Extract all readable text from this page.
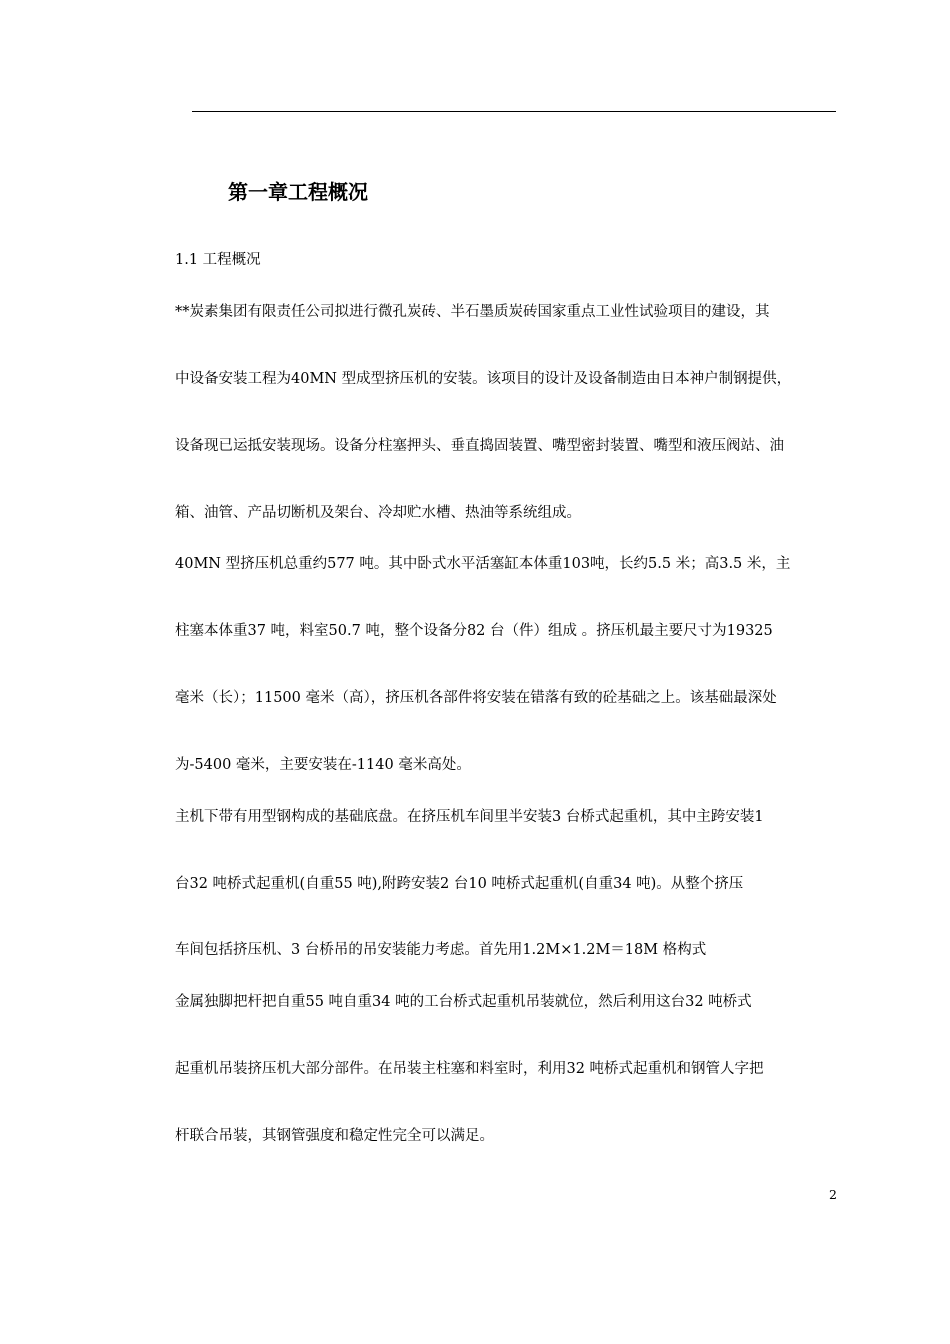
第一章工程概况

1.1 工程概况

**炭素集团有限责任公司拟进行微孔炭砖、半石墨质炭砖国家重点工业性试验项目的建设，其

中设备安装工程为40MN 型成型挤压机的安装。该项目的设计及设备制造由日本神户制钢提供，

设备现已运抵安装现场。设备分柱塞押头、垂直捣固装置、嘴型密封装置、嘴型和液压阀站、油

箱、油管、产品切断机及架台、冷却贮水槽、热油等系统组成。

40MN 型挤压机总重约577 吨。其中卧式水平活塞缸本体重103吨，长约5.5 米；高3.5 米，主

柱塞本体重37 吨，料室50.7 吨，整个设备分82 台（件）组成 。挤压机最主要尺寸为19325

毫米（长）；11500 毫米（高），挤压机各部件将安装在错落有致的砼基础之上。该基础最深处

为-5400 毫米，主要安装在-1140 毫米高处。

主机下带有用型钢构成的基础底盘。在挤压机车间里半安装3 台桥式起重机，其中主跨安装1

台32 吨桥式起重机(自重55 吨),附跨安装2 台10 吨桥式起重机(自重34 吨)。从整个挤压

车间包括挤压机、3 台桥吊的吊安装能力考虑。首先用1.2M×1.2M＝18M 格构式

金属独脚把杆把自重55 吨自重34 吨的工台桥式起重机吊装就位，然后利用这台32 吨桥式

起重机吊装挤压机大部分部件。在吊装主柱塞和料室时，利用32 吨桥式起重机和钢管人字把

杆联合吊装，其钢管强度和稳定性完全可以满足。

2
